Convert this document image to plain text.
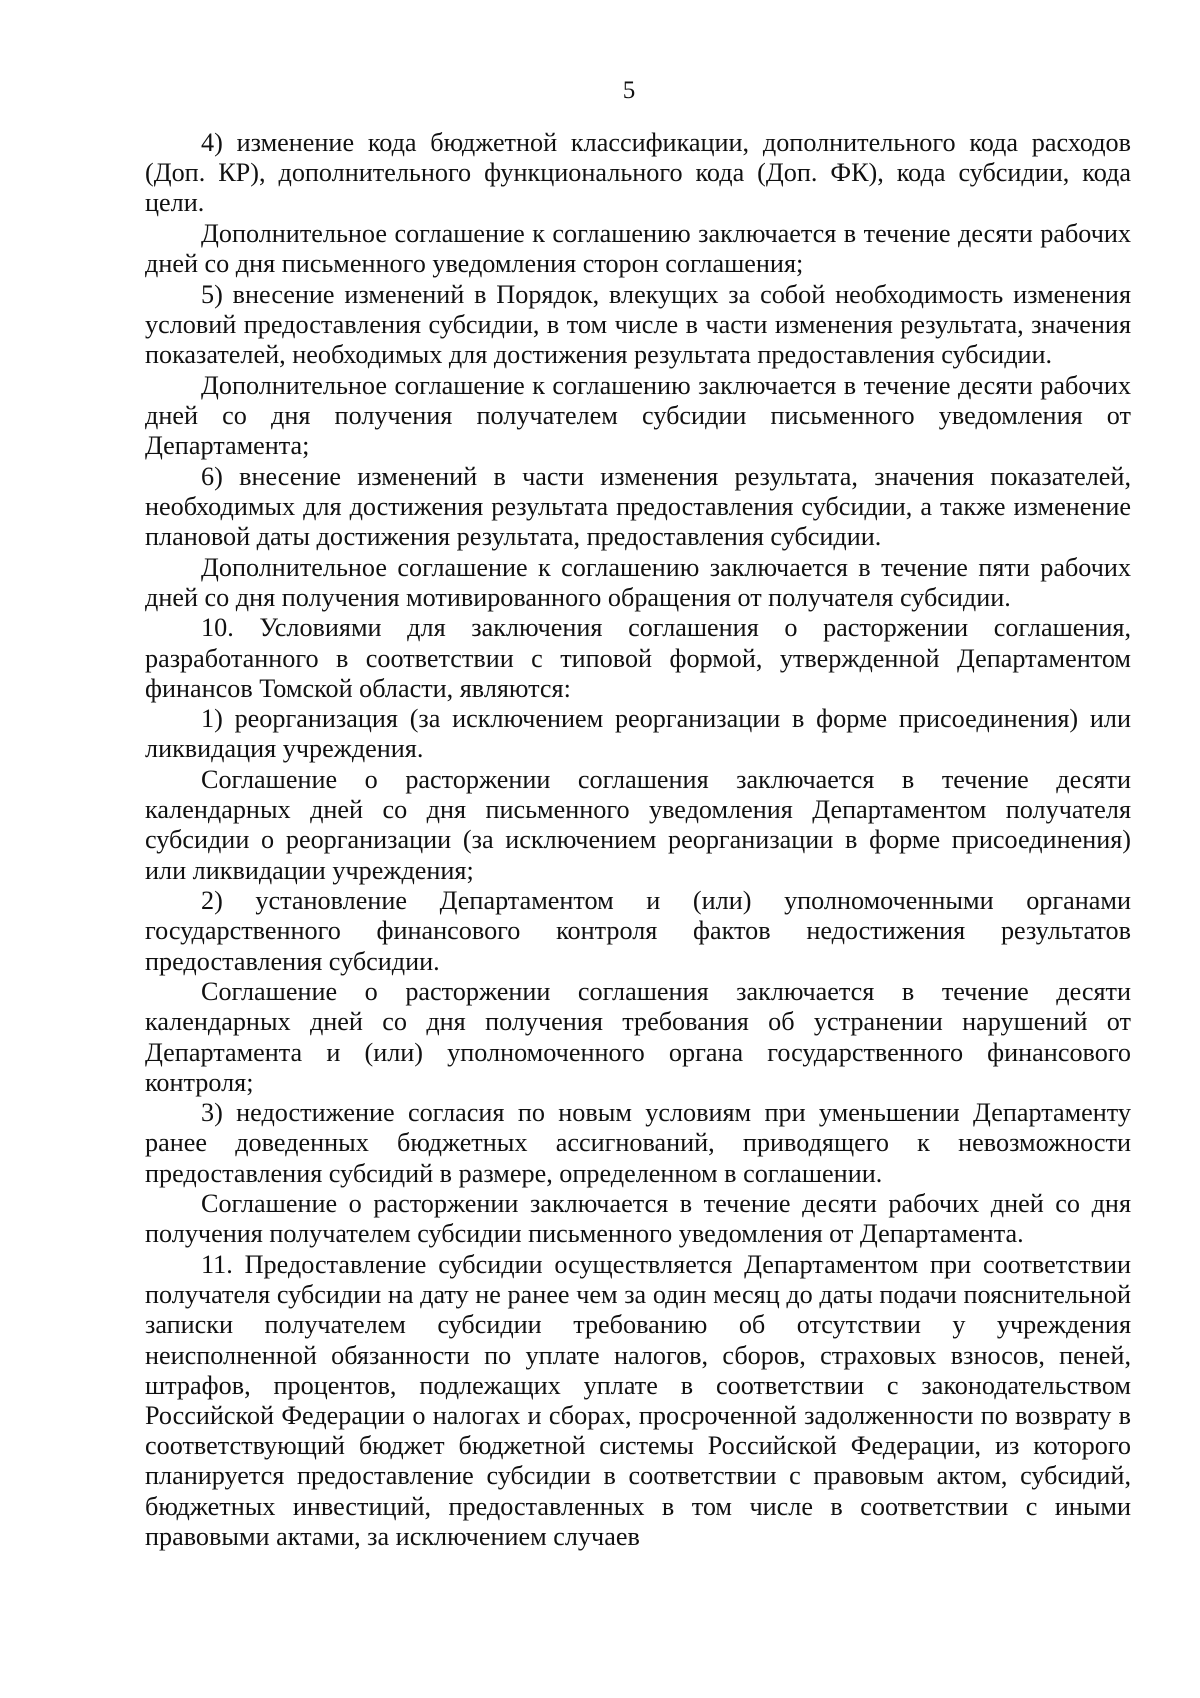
5

4) изменение кода бюджетной классификации, дополнительного кода расходов (Доп. КР), дополнительного функционального кода (Доп. ФК), кода субсидии, кода цели.

Дополнительное соглашение к соглашению заключается в течение десяти рабочих дней со дня письменного уведомления сторон соглашения;

5) внесение изменений в Порядок, влекущих за собой необходимость изменения условий предоставления субсидии, в том числе в части изменения результата, значения показателей, необходимых для достижения результата предоставления субсидии.

Дополнительное соглашение к соглашению заключается в течение десяти рабочих дней со дня получения получателем субсидии письменного уведомления от Департамента;

6) внесение изменений в части изменения результата, значения показателей, необходимых для достижения результата предоставления субсидии, а также изменение плановой даты достижения результата, предоставления субсидии.

Дополнительное соглашение к соглашению заключается в течение пяти рабочих дней со дня получения мотивированного обращения от получателя субсидии.

10. Условиями для заключения соглашения о расторжении соглашения, разработанного в соответствии с типовой формой, утвержденной Департаментом финансов Томской области, являются:

1) реорганизация (за исключением реорганизации в форме присоединения) или ликвидация учреждения.

Соглашение о расторжении соглашения заключается в течение десяти календарных дней со дня письменного уведомления Департаментом получателя субсидии о реорганизации (за исключением реорганизации в форме присоединения) или ликвидации учреждения;

2) установление Департаментом и (или) уполномоченными органами государственного финансового контроля фактов недостижения результатов предоставления субсидии.

Соглашение о расторжении соглашения заключается в течение десяти календарных дней со дня получения требования об устранении нарушений от Департамента и (или) уполномоченного органа государственного финансового контроля;

3) недостижение согласия по новым условиям при уменьшении Департаменту ранее доведенных бюджетных ассигнований, приводящего к невозможности предоставления субсидий в размере, определенном в соглашении.

Соглашение о расторжении заключается в течение десяти рабочих дней со дня получения получателем субсидии письменного уведомления от Департамента.

11. Предоставление субсидии осуществляется Департаментом при соответствии получателя субсидии на дату не ранее чем за один месяц до даты подачи пояснительной записки получателем субсидии требованию об отсутствии у учреждения неисполненной обязанности по уплате налогов, сборов, страховых взносов, пеней, штрафов, процентов, подлежащих уплате в соответствии с законодательством Российской Федерации о налогах и сборах, просроченной задолженности по возврату в соответствующий бюджет бюджетной системы Российской Федерации, из которого планируется предоставление субсидии в соответствии с правовым актом, субсидий, бюджетных инвестиций, предоставленных в том числе в соответствии с иными правовыми актами, за исключением случаев
